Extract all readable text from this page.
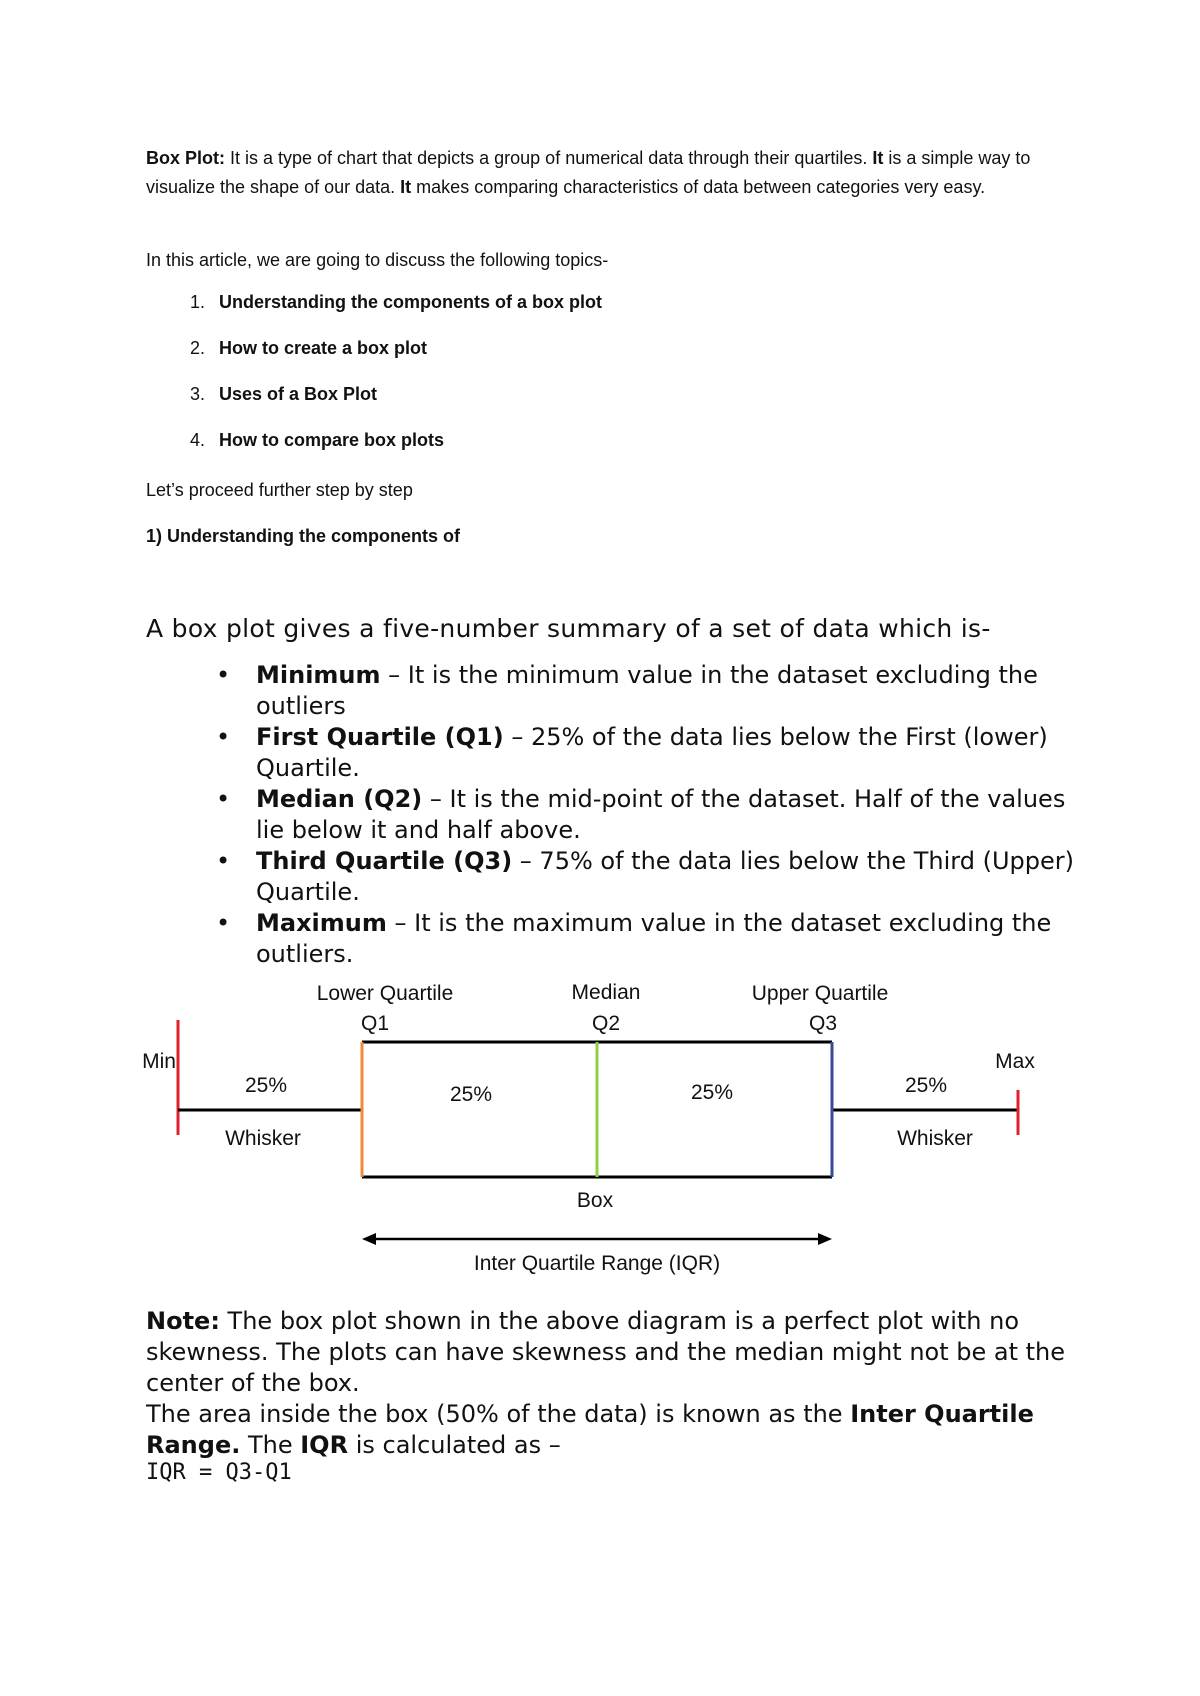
Box Plot: It is a type of chart that depicts a group of numerical data through their quartiles. It is a simple way to visualize the shape of our data. It makes comparing characteristics of data between categories very easy.
In this article, we are going to discuss the following topics-
1. Understanding the components of a box plot
2. How to create a box plot
3. Uses of a Box Plot
4. How to compare box plots
Let’s proceed further step by step
1) Understanding the components of
A box plot gives a five-number summary of a set of data which is-
• Minimum – It is the minimum value in the dataset excluding the outliers
• First Quartile (Q1) – 25% of the data lies below the First (lower) Quartile.
• Median (Q2) – It is the mid-point of the dataset. Half of the values lie below it and half above.
• Third Quartile (Q3) – 75% of the data lies below the Third (Upper) Quartile.
• Maximum – It is the maximum value in the dataset excluding the outliers.
Lower Quartile
Q1
Median
Q2
Upper Quartile
Q3
Min	Max
25%	25%	25%	25%
Whisker	Whisker
Box
Inter Quartile Range (IQR)
Note: The box plot shown in the above diagram is a perfect plot with no skewness. The plots can have skewness and the median might not be at the center of the box.
The area inside the box (50% of the data) is known as the Inter Quartile Range. The IQR is calculated as –
IQR = Q3-Q1
